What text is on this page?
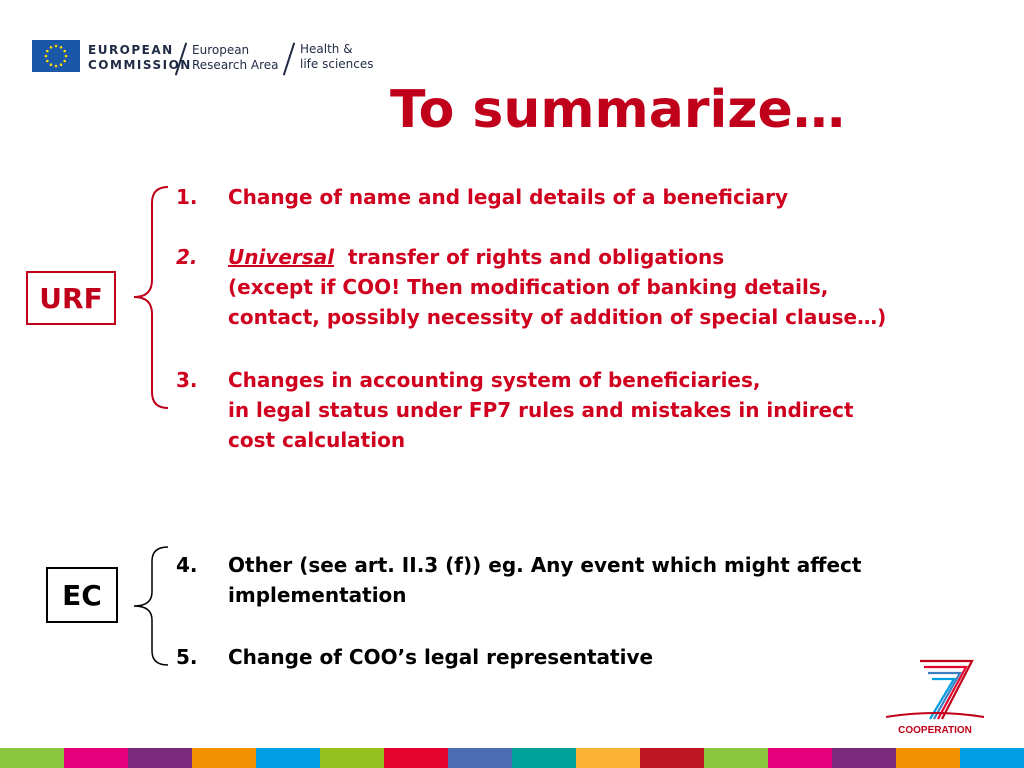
EUROPEAN
COMMISSION
European
Research Area
Health &
life sciences
To summarize…
URF
1.	Change of name and legal details of a beneficiary
2.	Universal transfer of rights and obligations
(except if COO! Then modification of banking details,
contact, possibly necessity of addition of special clause…)
3.	Changes in accounting system of beneficiaries,
in legal status under FP7 rules and mistakes in indirect
cost calculation
EC
4.	Other (see art. II.3 (f)) eg. Any event which might affect
implementation
5.	Change of COO’s legal representative
COOPERATION
